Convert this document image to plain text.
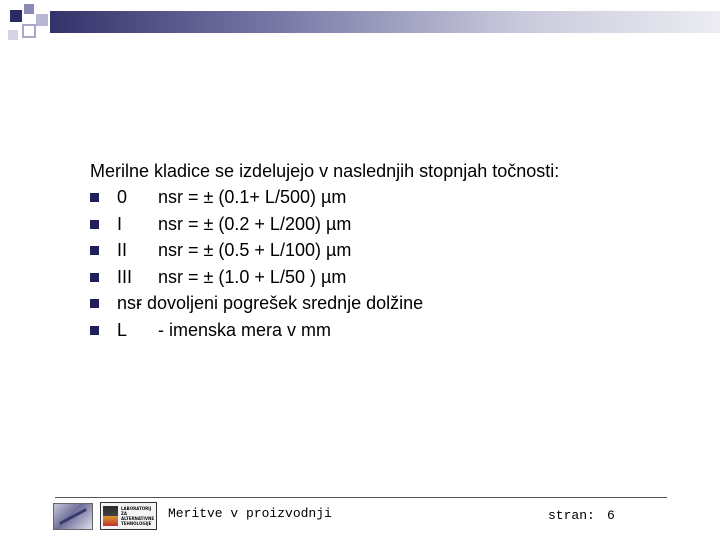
Merilne kladice se izdelujejo v naslednjih stopnjah točnosti:
0 nsr = ± (0.1+ L/500) µm
I nsr = ± (0.2 + L/200) µm
II nsr = ± (0.5 + L/100) µm
III nsr = ± (1.0 + L/50 ) µm
nsr
- dovoljeni pogrešek srednje dolžine
L - imenska mera v mm
LABORATORIJ
ZA
ALTERNATIVNE
TEHNOLOGIJE
Meritve v proizvodnji	stran: 6
